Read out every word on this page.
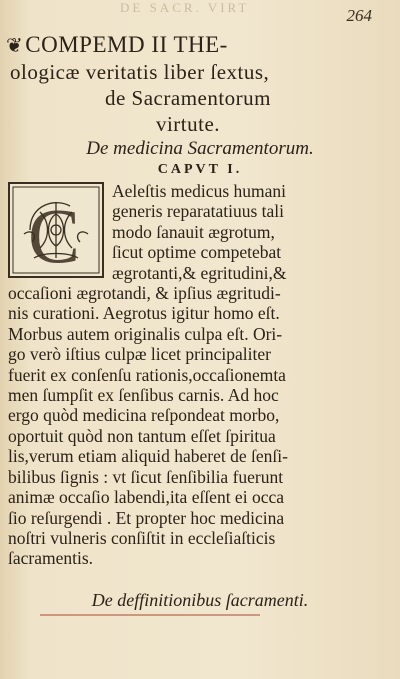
DE SACR. VIRT	264
❦COMPEMD II THE-
ologicæ veritatis liber ſextus,
de Sacramentorum
virtute.
De medicina Sacramentorum.
CAPVT I.
C
Aeleſtis medicus humani
generis reparatatiuus tali
modo ſanauit ægrotum,
ſicut optime competebat
ægrotanti,& egritudini,&
occaſioni ægrotandi, & ipſius ægritudi-
nis curationi. Aegrotus igitur homo eſt.
Morbus autem originalis culpa eſt. Ori-
go verò iſtius culpæ licet principaliter
fuerit ex conſenſu rationis,occaſionemta
men ſumpſit ex ſenſibus carnis. Ad hoc
ergo quòd medicina reſpondeat morbo,
oportuit quòd non tantum eſſet ſpiritua
lis,verum etiam aliquid haberet de ſenſi-
bilibus ſignis : vt ſicut ſenſibilia fuerunt
animæ occaſio labendi,ita eſſent ei occa
ſio reſurgendi . Et propter hoc medicina
noſtri vulneris conſiſtit in eccleſiaſticis
ſacramentis.
De deffinitionibus ſacramenti.
